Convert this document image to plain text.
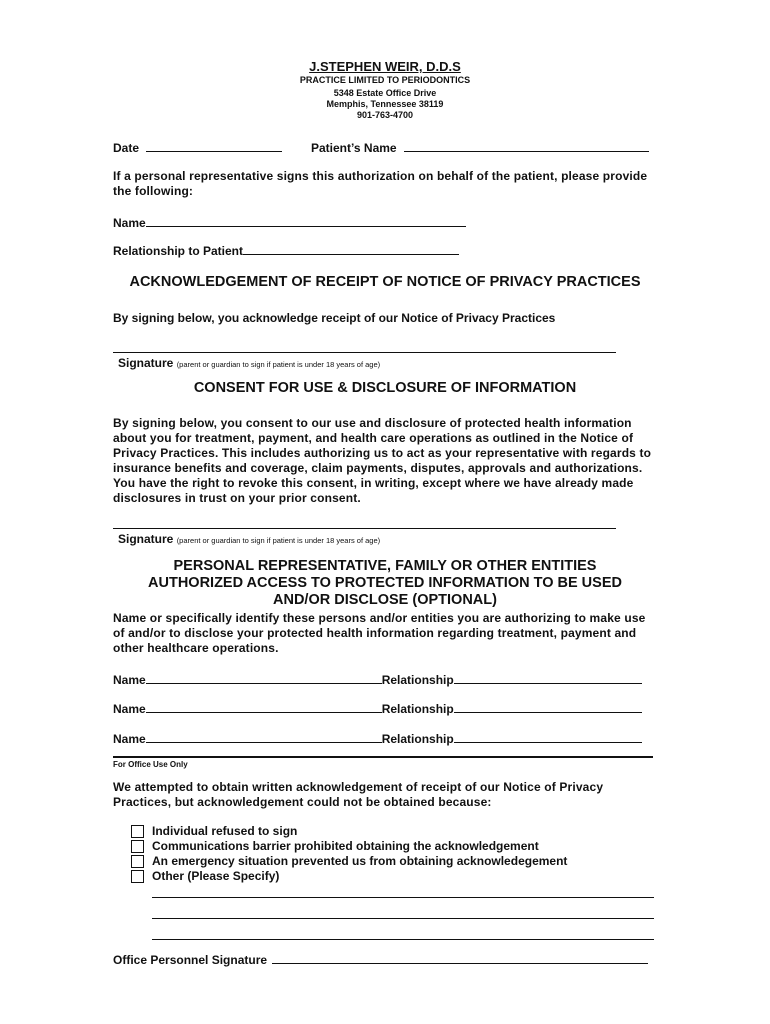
J.STEPHEN WEIR, D.D.S
PRACTICE LIMITED TO PERIODONTICS
5348 Estate Office Drive
Memphis, Tennessee 38119
901-763-4700
Date	Patient’s Name
If a personal representative signs this authorization on behalf of the patient, please provide the following:
Name
Relationship to Patient
ACKNOWLEDGEMENT OF RECEIPT OF NOTICE OF PRIVACY PRACTICES
By signing below, you acknowledge receipt of our Notice of Privacy Practices
Signature (parent or guardian to sign if patient is under 18 years of age)
CONSENT FOR USE & DISCLOSURE OF INFORMATION
By signing below, you consent to our use and disclosure of protected health information about you for treatment, payment, and health care operations as outlined in the Notice of Privacy Practices. This includes authorizing us to act as your representative with regards to insurance benefits and coverage, claim payments, disputes, approvals and authorizations. You have the right to revoke this consent, in writing, except where we have already made disclosures in trust on your prior consent.
Signature (parent or guardian to sign if patient is under 18 years of age)
PERSONAL REPRESENTATIVE, FAMILY OR OTHER ENTITIES
AUTHORIZED ACCESS TO PROTECTED INFORMATION TO BE USED
AND/OR DISCLOSE (OPTIONAL)
Name or specifically identify these persons and/or entities you are authorizing to make use of and/or to disclose your protected health information regarding treatment, payment and other healthcare operations.
Name	Relationship
Name	Relationship
Name	Relationship
For Office Use Only
We attempted to obtain written acknowledgement of receipt of our Notice of Privacy Practices, but acknowledgement could not be obtained because:
Individual refused to sign
Communications barrier prohibited obtaining the acknowledgement
An emergency situation prevented us from obtaining acknowledegement
Other (Please Specify)
Office Personnel Signature
